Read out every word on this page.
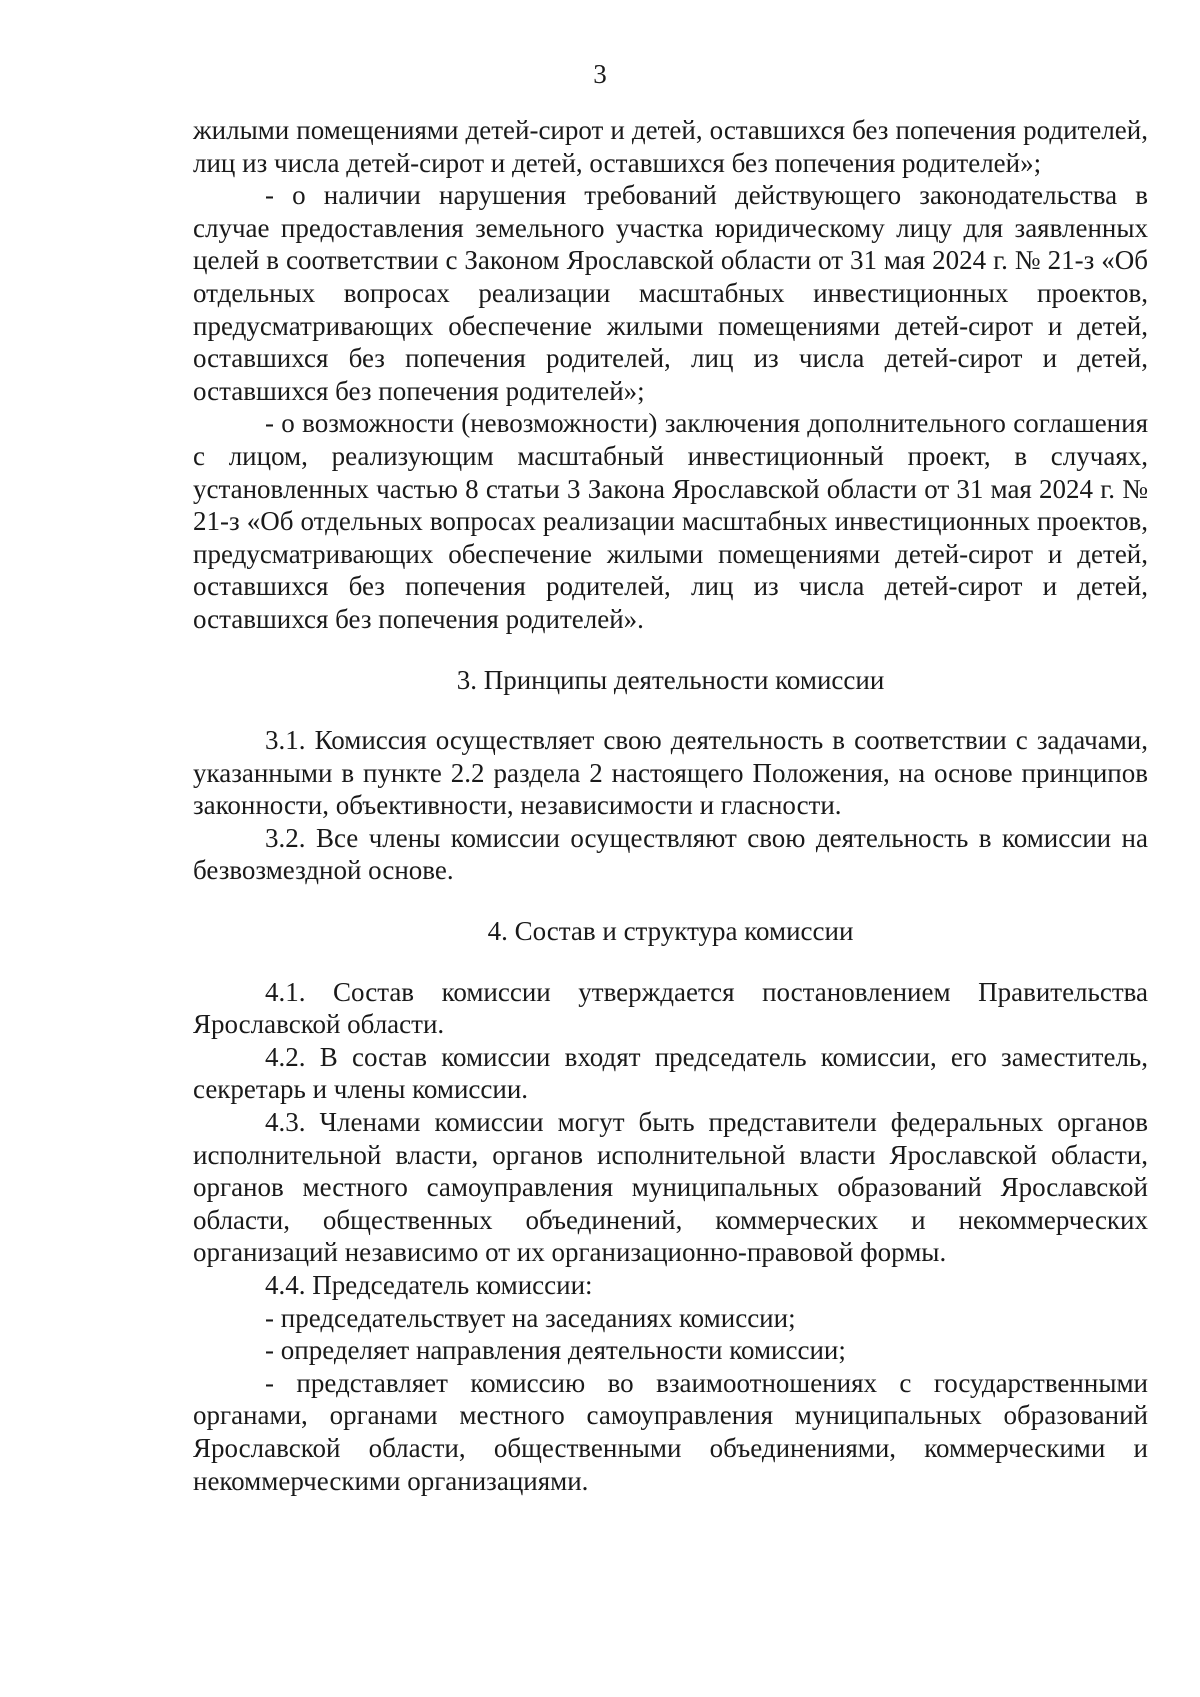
3

жилыми помещениями детей-сирот и детей, оставшихся без попечения родителей, лиц из числа детей-сирот и детей, оставшихся без попечения родителей»;

- о наличии нарушения требований действующего законодательства в случае предоставления земельного участка юридическому лицу для заявленных целей в соответствии с Законом Ярославской области от 31 мая 2024 г. № 21-з «Об отдельных вопросах реализации масштабных инвестиционных проектов, предусматривающих обеспечение жилыми помещениями детей-сирот и детей, оставшихся без попечения родителей, лиц из числа детей-сирот и детей, оставшихся без попечения родителей»;

- о возможности (невозможности) заключения дополнительного соглашения с лицом, реализующим масштабный инвестиционный проект, в случаях, установленных частью 8 статьи 3 Закона Ярославской области от 31 мая 2024 г. № 21-з «Об отдельных вопросах реализации масштабных инвестиционных проектов, предусматривающих обеспечение жилыми помещениями детей-сирот и детей, оставшихся без попечения родителей, лиц из числа детей-сирот и детей, оставшихся без попечения родителей».

3. Принципы деятельности комиссии

3.1. Комиссия осуществляет свою деятельность в соответствии с задачами, указанными в пункте 2.2 раздела 2 настоящего Положения, на основе принципов законности, объективности, независимости и гласности.

3.2. Все члены комиссии осуществляют свою деятельность в комиссии на безвозмездной основе.

4. Состав и структура комиссии

4.1. Состав комиссии утверждается постановлением Правительства Ярославской области.

4.2. В состав комиссии входят председатель комиссии, его заместитель, секретарь и члены комиссии.

4.3. Членами комиссии могут быть представители федеральных органов исполнительной власти, органов исполнительной власти Ярославской области, органов местного самоуправления муниципальных образований Ярославской области, общественных объединений, коммерческих и некоммерческих организаций независимо от их организационно-правовой формы.

4.4. Председатель комиссии:

- председательствует на заседаниях комиссии;

- определяет направления деятельности комиссии;

- представляет комиссию во взаимоотношениях с государственными органами, органами местного самоуправления муниципальных образований Ярославской области, общественными объединениями, коммерческими и некоммерческими организациями.
